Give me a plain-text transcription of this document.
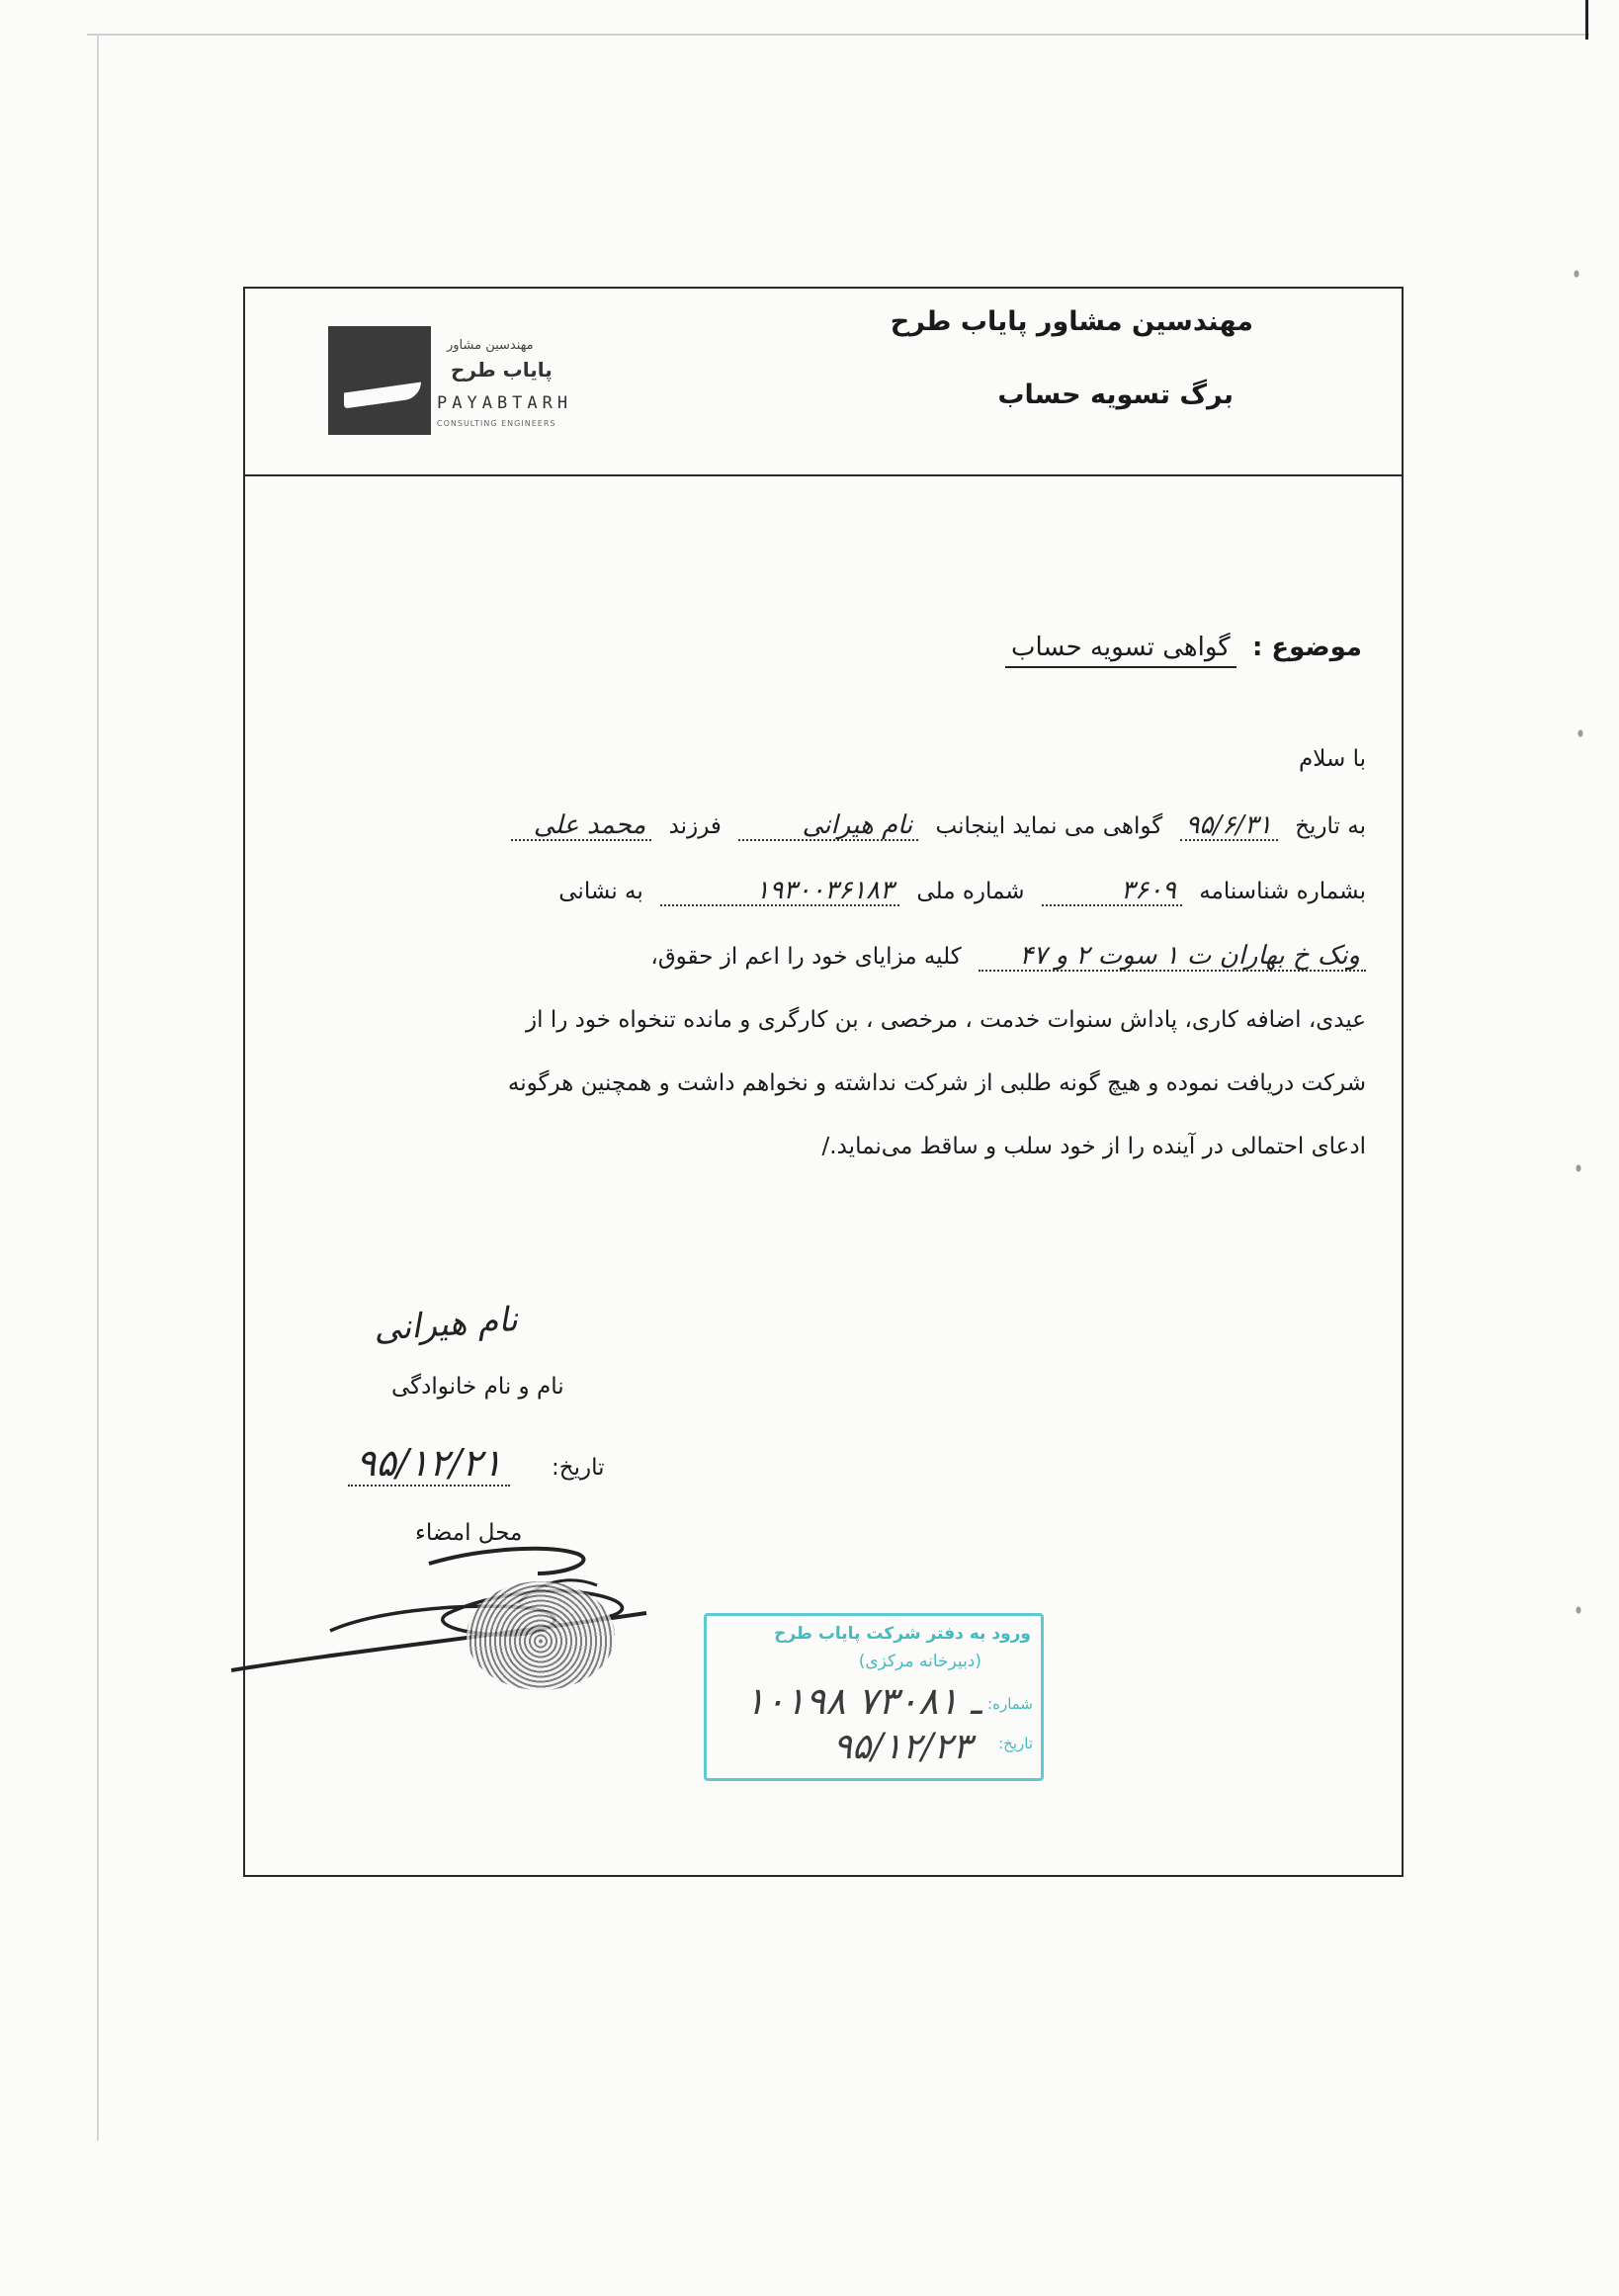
مهندسین مشاور
پایاب طرح
PAYABTARH
CONSULTING ENGINEERS
مهندسین مشاور پایاب طرح
برگ تسویه حساب
موضوع : گواهی تسویه حساب
با سلام
به تاریخ ۹۵/۶/۳۱ گواهی می نماید اینجانب نام هیرانی فرزند محمد علی
بشماره شناسنامه ۳۶۰۹ شماره ملی ۱۹۳۰۰۳۶۱۸۳ به نشانی
ونک خ بهاران ت ۱ سوت ۲ و ۴۷ کلیه مزایای خود را اعم از حقوق،
عیدی، اضافه کاری، پاداش سنوات خدمت ، مرخصی ، بن کارگری و مانده تنخواه خود را از
شرکت دریافت نموده و هیچ گونه طلبی از شرکت نداشته و نخواهم داشت و همچنین هرگونه
ادعای احتمالی در آینده را از خود سلب و ساقط می‌نماید./
نام هیرانی
نام و نام خانوادگی
تاریخ:
۹۵/۱۲/۲۱
محل امضاء
ورود به دفتر شرکت پایاب طرح
(دبیرخانه مرکزی)
شماره:
۱۰۱۹۸ ـ ۷۳۰۸۱
تاریخ:
۹۵/۱۲/۲۳
